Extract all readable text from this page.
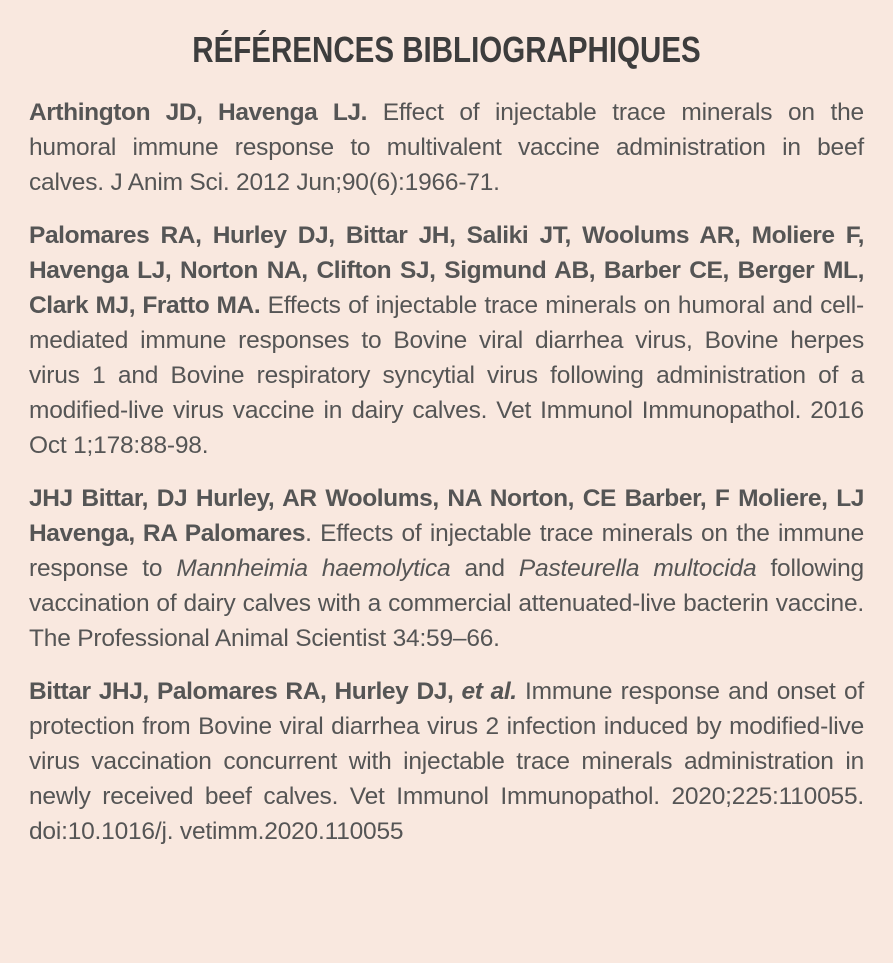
RÉFÉRENCES BIBLIOGRAPHIQUES

Arthington JD, Havenga LJ. Effect of injectable trace minerals on the humoral immune response to multivalent vaccine administration in beef calves. J Anim Sci. 2012 Jun;90(6):1966-71.

Palomares RA, Hurley DJ, Bittar JH, Saliki JT, Woolums AR, Moliere F, Havenga LJ, Norton NA, Clifton SJ, Sigmund AB, Barber CE, Berger ML, Clark MJ, Fratto MA. Effects of injectable trace minerals on humoral and cell-mediated immune responses to Bovine viral diarrhea virus, Bovine herpes virus 1 and Bovine respiratory syncytial virus following administration of a modified-live virus vaccine in dairy calves. Vet Immunol Immunopathol. 2016 Oct 1;178:88-98.

JHJ Bittar, DJ Hurley, AR Woolums, NA Norton, CE Barber, F Moliere, LJ Havenga, RA Palomares. Effects of injectable trace minerals on the immune response to Mannheimia haemolytica and Pasteurella multocida following vaccination of dairy calves with a commercial attenuated-live bacterin vaccine. The Professional Animal Scientist 34:59–66.

Bittar JHJ, Palomares RA, Hurley DJ, et al. Immune response and onset of protection from Bovine viral diarrhea virus 2 infection induced by modified-live virus vaccination concurrent with injectable trace minerals administration in newly received beef calves. Vet Immunol Immunopathol. 2020;225:110055. doi:10.1016/j. vetimm.2020.110055
